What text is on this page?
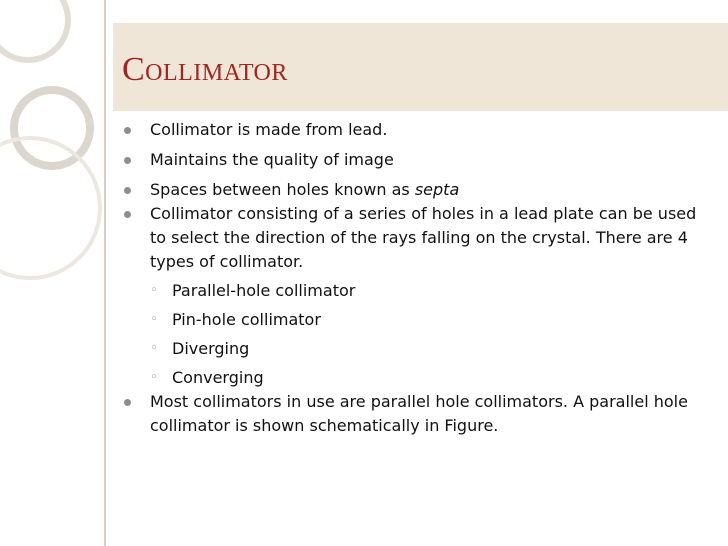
Collimator

Collimator is made from lead.

Maintains the quality of image

Spaces between holes known as septa

Collimator consisting of a series of holes in a lead plate can be used to select the direction of the rays falling on the crystal. There are 4 types of collimator.

◦ Parallel-hole collimator

◦ Pin-hole collimator

◦ Diverging

◦ Converging

Most collimators in use are parallel hole collimators. A parallel hole collimator is shown schematically in Figure.
